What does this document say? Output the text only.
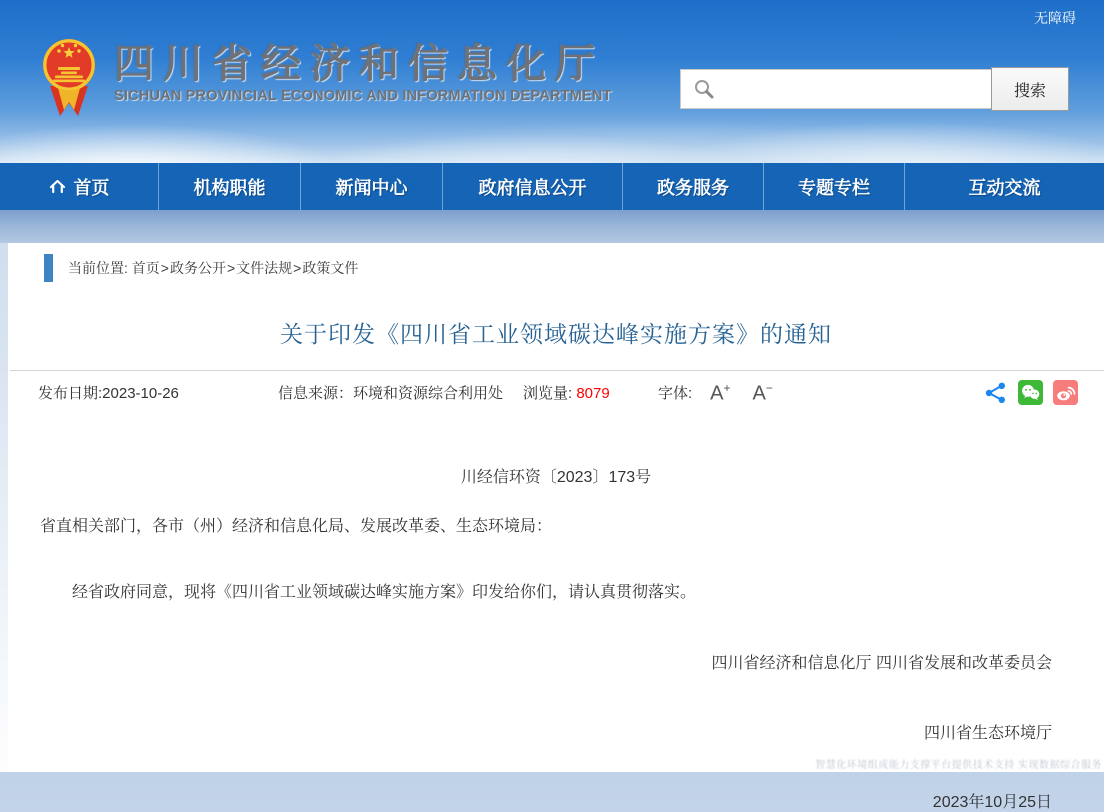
无障碍
四川省经济和信息化厅
SICHUAN PROVINCIAL ECONOMIC AND INFORMATION DEPARTMENT	搜索
首页	机构职能	新闻中心	政府信息公开	政务服务	专题专栏	互动交流
当前位置:
首页 > 政务公开 > 文件法规 > 政策文件
关于印发《四川省工业领域碳达峰实施方案》的通知
发布日期:2023-10-26	信息来源：环境和资源综合利用处	浏览量: 8079	字体: A+ A−

川经信环资〔2023〕173号

省直相关部门，各市（州）经济和信息化局、发展改革委、生态环境局：

经省政府同意，现将《四川省工业领域碳达峰实施方案》印发给你们，请认真贯彻落实。

四川省经济和信息化厅 四川省发展和改革委员会

四川省生态环境厅

2023年10月25日

智慧化环境组成能力支撑平台提供技术支持 实现数据综合服务
